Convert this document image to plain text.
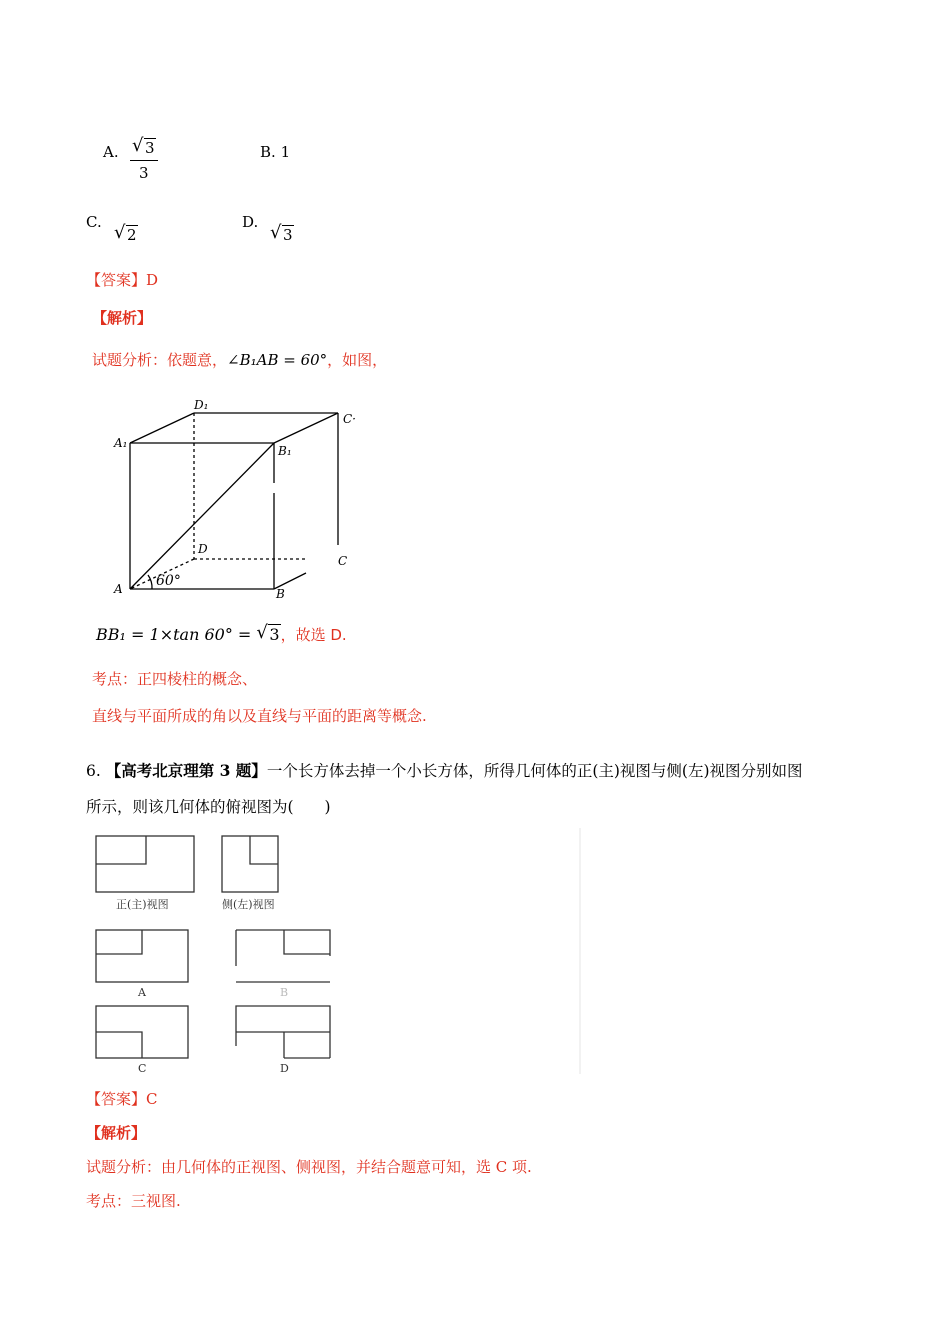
A. $\frac{√ 3}{3}$	B. 1
C. √ 2
D. √ 3
【答案】D
【解析】
试题分析：依题意，∠B₁AB = 60°，如图，
A₁
D₁
B₁
C·
D
C
A	B
60°
BB₁ = 1×tan 60° = √ 3，故选 D.
考点：正四棱柱的概念、
直线与平面所成的角以及直线与平面的距离等概念.
6. 【高考北京理第 3 题】一个长方体去掉一个小长方体，所得几何体的正(主)视图与侧(左)视图分别如图
所示，则该几何体的俯视图为(　　)
正(主)视图	侧(左)视图
A	B
C	D
【答案】C
【解析】
试题分析：由几何体的正视图、侧视图，并结合题意可知，选 C 项.
考点：三视图.
